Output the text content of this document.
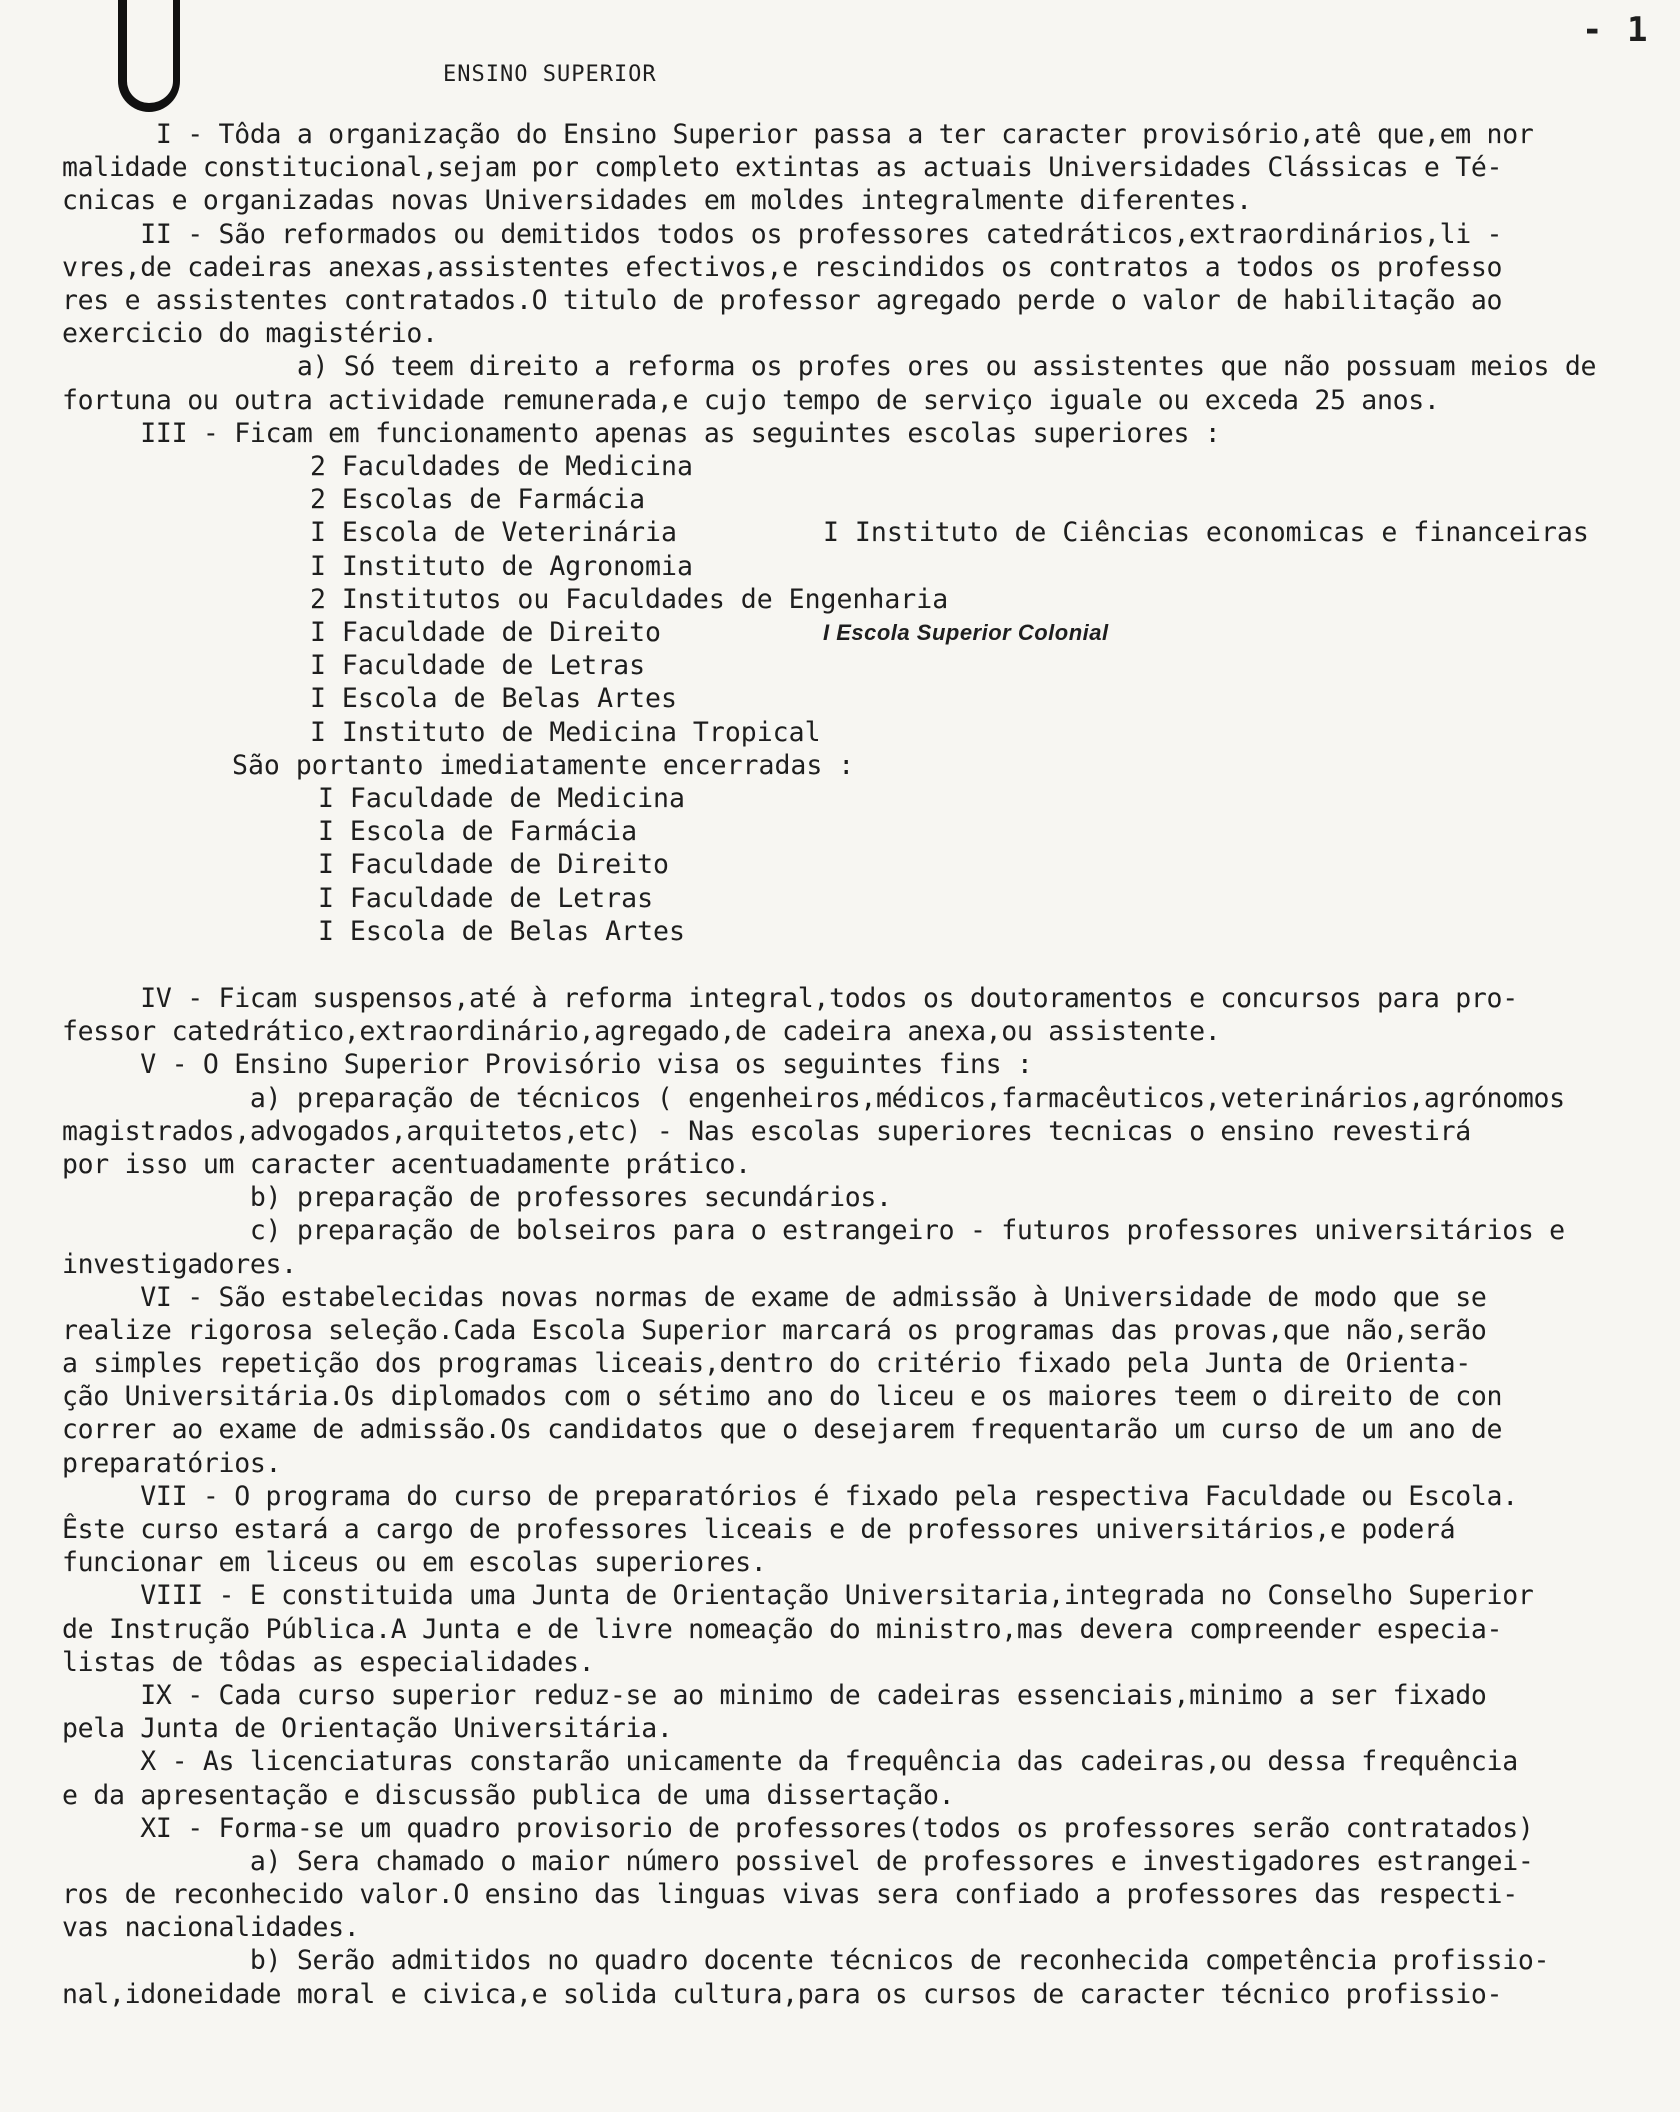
- 1
ENSINO SUPERIOR
I - Tôda a organização do Ensino Superior passa a ter caracter provisório,atê que,em nor
malidade constitucional,sejam por completo extintas as actuais Universidades Clássicas e Té-
cnicas e organizadas novas Universidades em moldes integralmente diferentes.
II - São reformados ou demitidos todos os professores catedráticos,extraordinários,li -
vres,de cadeiras anexas,assistentes efectivos,e rescindidos os contratos a todos os professo
res e assistentes contratados.O titulo de professor agregado perde o valor de habilitação ao
exercicio do magistério.
a) Só teem direito a reforma os profes ores ou assistentes que não possuam meios de
fortuna ou outra actividade remunerada,e cujo tempo de serviço iguale ou exceda 25 anos.
III - Ficam em funcionamento apenas as seguintes escolas superiores :
2 Faculdades de Medicina
2 Escolas de Farmácia
I Escola de Veterinária
I Instituto de Agronomia
2 Institutos ou Faculdades de Engenharia
I Faculdade de Direito
I Faculdade de Letras
I Escola de Belas Artes
I Instituto de Medicina Tropical

I Instituto de Ciências economicas e financeiras

I Escola Superior Colonial

São portanto imediatamente encerradas :
I Faculdade de Medicina
I Escola de Farmácia
I Faculdade de Direito
I Faculdade de Letras
I Escola de Belas Artes
IV - Ficam suspensos,até à reforma integral,todos os doutoramentos e concursos para pro-
fessor catedrático,extraordinário,agregado,de cadeira anexa,ou assistente.
V - O Ensino Superior Provisório visa os seguintes fins :
a) preparação de técnicos ( engenheiros,médicos,farmacêuticos,veterinários,agrónomos
magistrados,advogados,arquitetos,etc) - Nas escolas superiores tecnicas o ensino revestirá
por isso um caracter acentuadamente prático.
b) preparação de professores secundários.
c) preparação de bolseiros para o estrangeiro - futuros professores universitários e
investigadores.
VI - São estabelecidas novas normas de exame de admissão à Universidade de modo que se
realize rigorosa seleção.Cada Escola Superior marcará os programas das provas,que não,serão
a simples repetição dos programas liceais,dentro do critério fixado pela Junta de Orienta-
ção Universitária.Os diplomados com o sétimo ano do liceu e os maiores teem o direito de con
correr ao exame de admissão.Os candidatos que o desejarem frequentarão um curso de um ano de
preparatórios.
VII - O programa do curso de preparatórios é fixado pela respectiva Faculdade ou Escola.
Êste curso estará a cargo de professores liceais e de professores universitários,e poderá
funcionar em liceus ou em escolas superiores.
VIII - E constituida uma Junta de Orientação Universitaria,integrada no Conselho Superior
de Instrução Pública.A Junta e de livre nomeação do ministro,mas devera compreender especia-
listas de tôdas as especialidades.
IX - Cada curso superior reduz-se ao minimo de cadeiras essenciais,minimo a ser fixado
pela Junta de Orientação Universitária.
X - As licenciaturas constarão unicamente da frequência das cadeiras,ou dessa frequência
e da apresentação e discussão publica de uma dissertação.
XI - Forma-se um quadro provisorio de professores(todos os professores serão contratados)
a) Sera chamado o maior número possivel de professores e investigadores estrangei-
ros de reconhecido valor.O ensino das linguas vivas sera confiado a professores das respecti-
vas nacionalidades.
b) Serão admitidos no quadro docente técnicos de reconhecida competência profissio-
nal,idoneidade moral e civica,e solida cultura,para os cursos de caracter técnico profissio-
